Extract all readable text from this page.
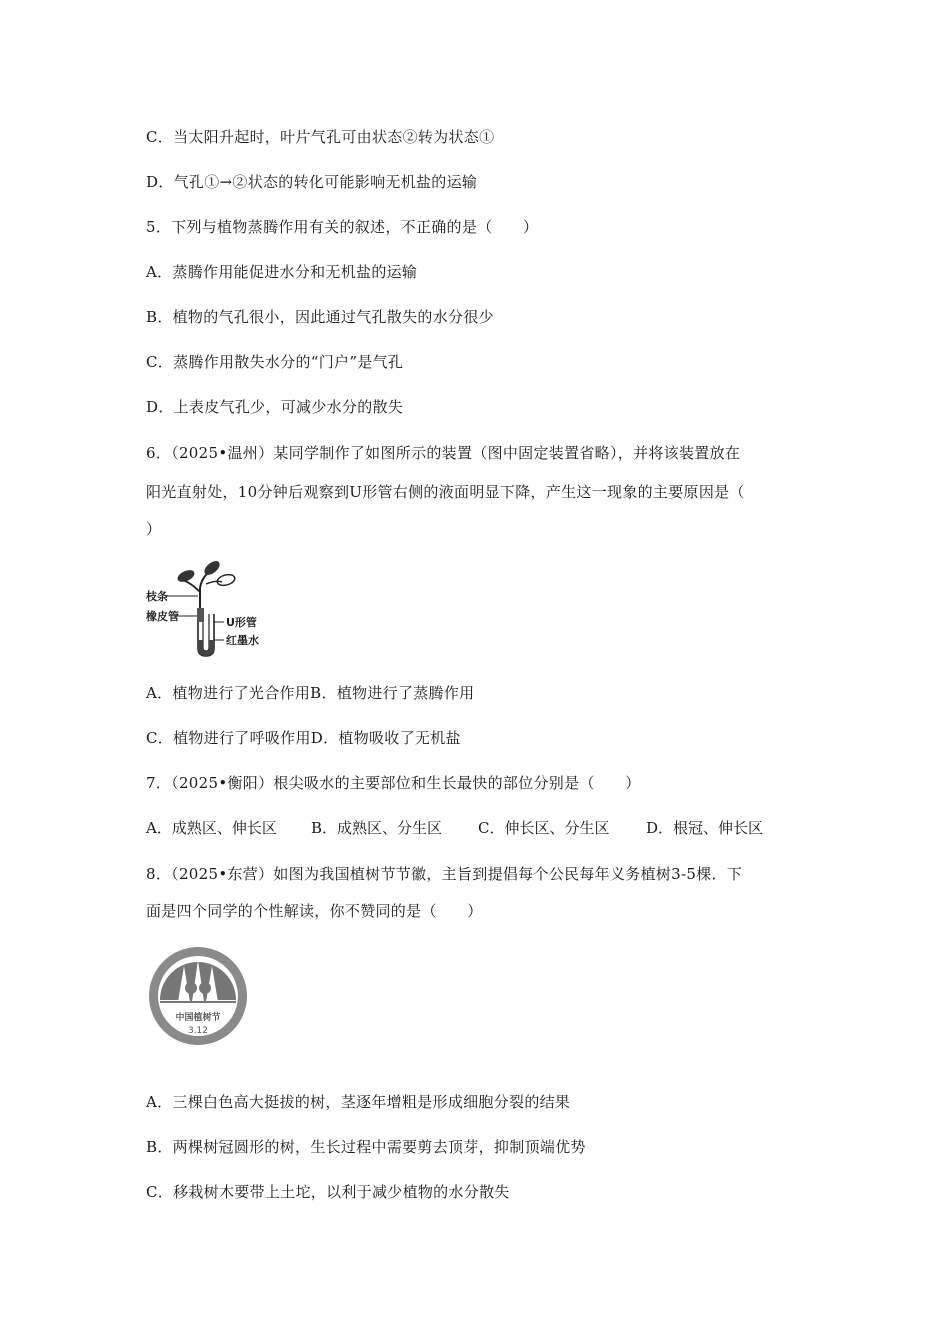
C．当太阳升起时，叶片气孔可由状态②转为状态①
D．气孔①→②状态的转化可能影响无机盐的运输
5．下列与植物蒸腾作用有关的叙述，不正确的是（　　）
A．蒸腾作用能促进水分和无机盐的运输
B．植物的气孔很小，因此通过气孔散失的水分很少
C．蒸腾作用散失水分的“门户”是气孔
D．上表皮气孔少，可减少水分的散失
6．（2025•温州）某同学制作了如图所示的装置（图中固定装置省略），并将该装置放在
阳光直射处，10分钟后观察到U形管右侧的液面明显下降，产生这一现象的主要原因是（
）
枝条
橡皮管	U形管
红墨水
A．植物进行了光合作用B．植物进行了蒸腾作用
C．植物进行了呼吸作用D．植物吸收了无机盐
7．（2025•衡阳）根尖吸水的主要部位和生长最快的部位分别是（　　）
A．成熟区、伸长区 B．成熟区、分生区 C．伸长区、分生区 D．根冠、伸长区
8．（2025•东营）如图为我国植树节节徽，主旨到提倡每个公民每年义务植树3-5棵．下
面是四个同学的个性解读，你不赞同的是（　　）
中国植树节
3.12
A．三棵白色高大挺拔的树，茎逐年增粗是形成细胞分裂的结果
B．两棵树冠圆形的树，生长过程中需要剪去顶芽，抑制顶端优势
C．移栽树木要带上土坨，以利于减少植物的水分散失
